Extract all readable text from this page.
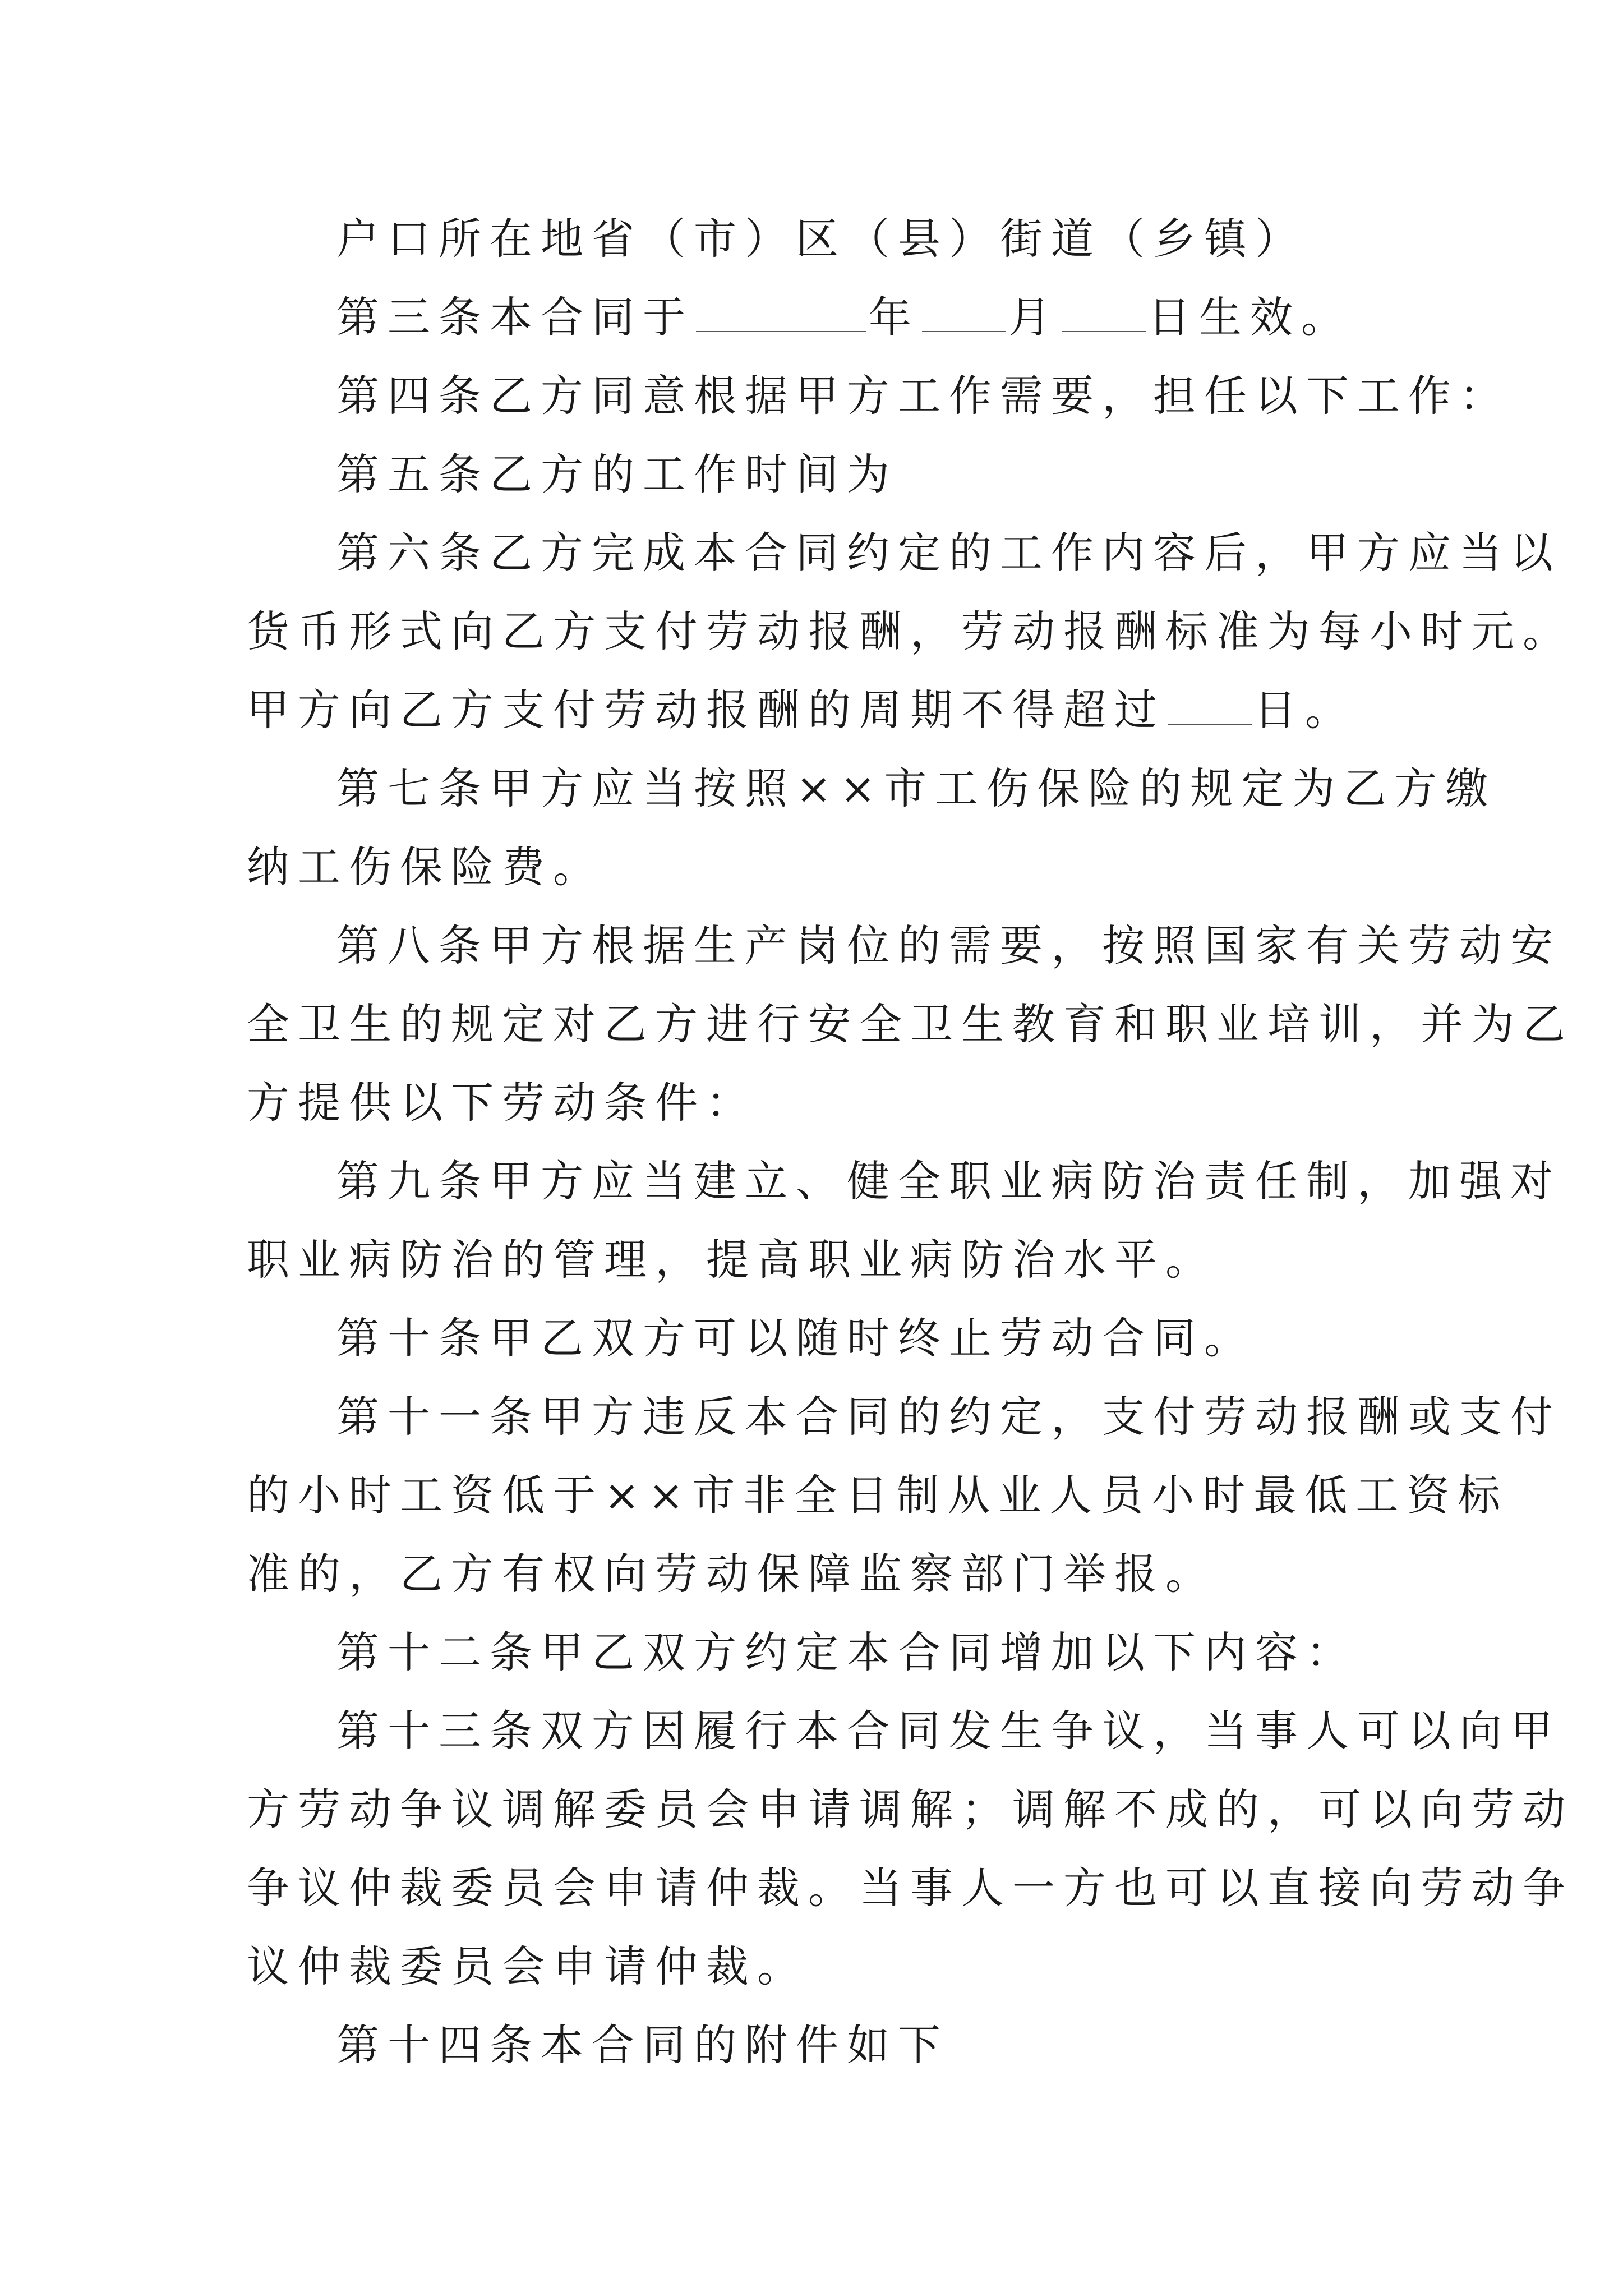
户口所在地省（市）区（县）街道（乡镇）
第三条本合同于	年 月 日生效。
第四条乙方同意根据甲方工作需要，担任以下工作：
第五条乙方的工作时间为
第六条乙方完成本合同约定的工作内容后，甲方应当以
货币形式向乙方支付劳动报酬，劳动报酬标准为每小时元。
甲方向乙方支付劳动报酬的周期不得超过 日。
第七条甲方应当按照××市工伤保险的规定为乙方缴
纳工伤保险费。
第八条甲方根据生产岗位的需要，按照国家有关劳动安
全卫生的规定对乙方进行安全卫生教育和职业培训，并为乙
方提供以下劳动条件：
第九条甲方应当建立、健全职业病防治责任制，加强对
职业病防治的管理，提高职业病防治水平。
第十条甲乙双方可以随时终止劳动合同。
第十一条甲方违反本合同的约定，支付劳动报酬或支付
的小时工资低于××市非全日制从业人员小时最低工资标
准的，乙方有权向劳动保障监察部门举报。
第十二条甲乙双方约定本合同增加以下内容：
第十三条双方因履行本合同发生争议，当事人可以向甲
方劳动争议调解委员会申请调解；调解不成的，可以向劳动
争议仲裁委员会申请仲裁。当事人一方也可以直接向劳动争
议仲裁委员会申请仲裁。
第十四条本合同的附件如下
